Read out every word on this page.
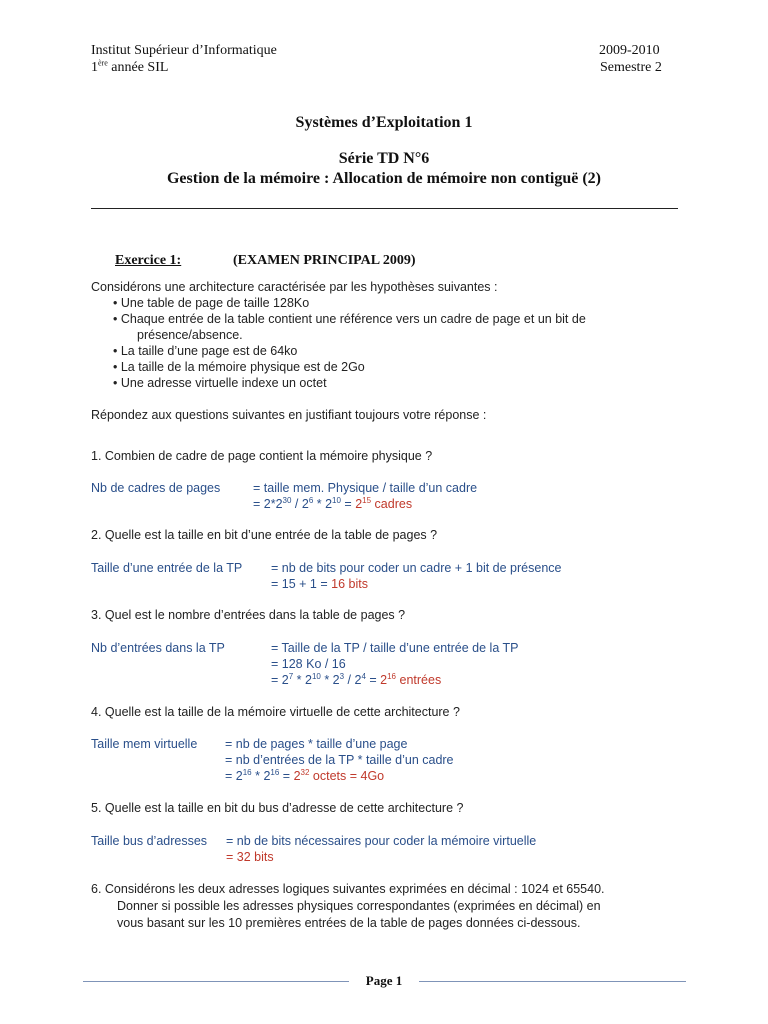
Institut Supérieur d’Informatique	2009-2010
1ère année SIL	Semestre 2
Systèmes d’Exploitation 1
Série TD N°6
Gestion de la mémoire : Allocation de mémoire non contiguë (2)
Exercice 1:	(EXAMEN PRINCIPAL 2009)
Considérons une architecture caractérisée par les hypothèses suivantes :
• Une table de page de taille 128Ko
• Chaque entrée de la table contient une référence vers un cadre de page et un bit de
présence/absence.
• La taille d’une page est de 64ko
• La taille de la mémoire physique est de 2Go
• Une adresse virtuelle indexe un octet
Répondez aux questions suivantes en justifiant toujours votre réponse :
1. Combien de cadre de page contient la mémoire physique ?
Nb de cadres de pages	= taille mem. Physique / taille d’un cadre
= $2*2^{30} / 2^6 * 2^{10} = 2^{15}$ cadres
2. Quelle est la taille en bit d’une entrée de la table de pages ?
Taille d’une entrée de la TP = nb de bits pour coder un cadre + 1 bit de présence
= 15 + 1 = 16 bits
3. Quel est le nombre d’entrées dans la table de pages ?
Nb d’entrées dans la TP	= Taille de la TP / taille d’une entrée de la TP
= 128 Ko / 16
= $2^7 * 2^{10} * 2^3 / 2^4 = 2^{16}$ entrées
4. Quelle est la taille de la mémoire virtuelle de cette architecture ?
Taille mem virtuelle = nb de pages * taille d’une page
= nb d’entrées de la TP * taille d’un cadre
= $2^{16} * 2^{16} = 2^{32}$ octets = 4Go
5. Quelle est la taille en bit du bus d’adresse de cette architecture ?
Taille bus d’adresses = nb de bits nécessaires pour coder la mémoire virtuelle
= 32 bits
6. Considérons les deux adresses logiques suivantes exprimées en décimal : 1024 et 65540.
Donner si possible les adresses physiques correspondantes (exprimées en décimal) en
vous basant sur les 10 premières entrées de la table de pages données ci-dessous.
Page 1
